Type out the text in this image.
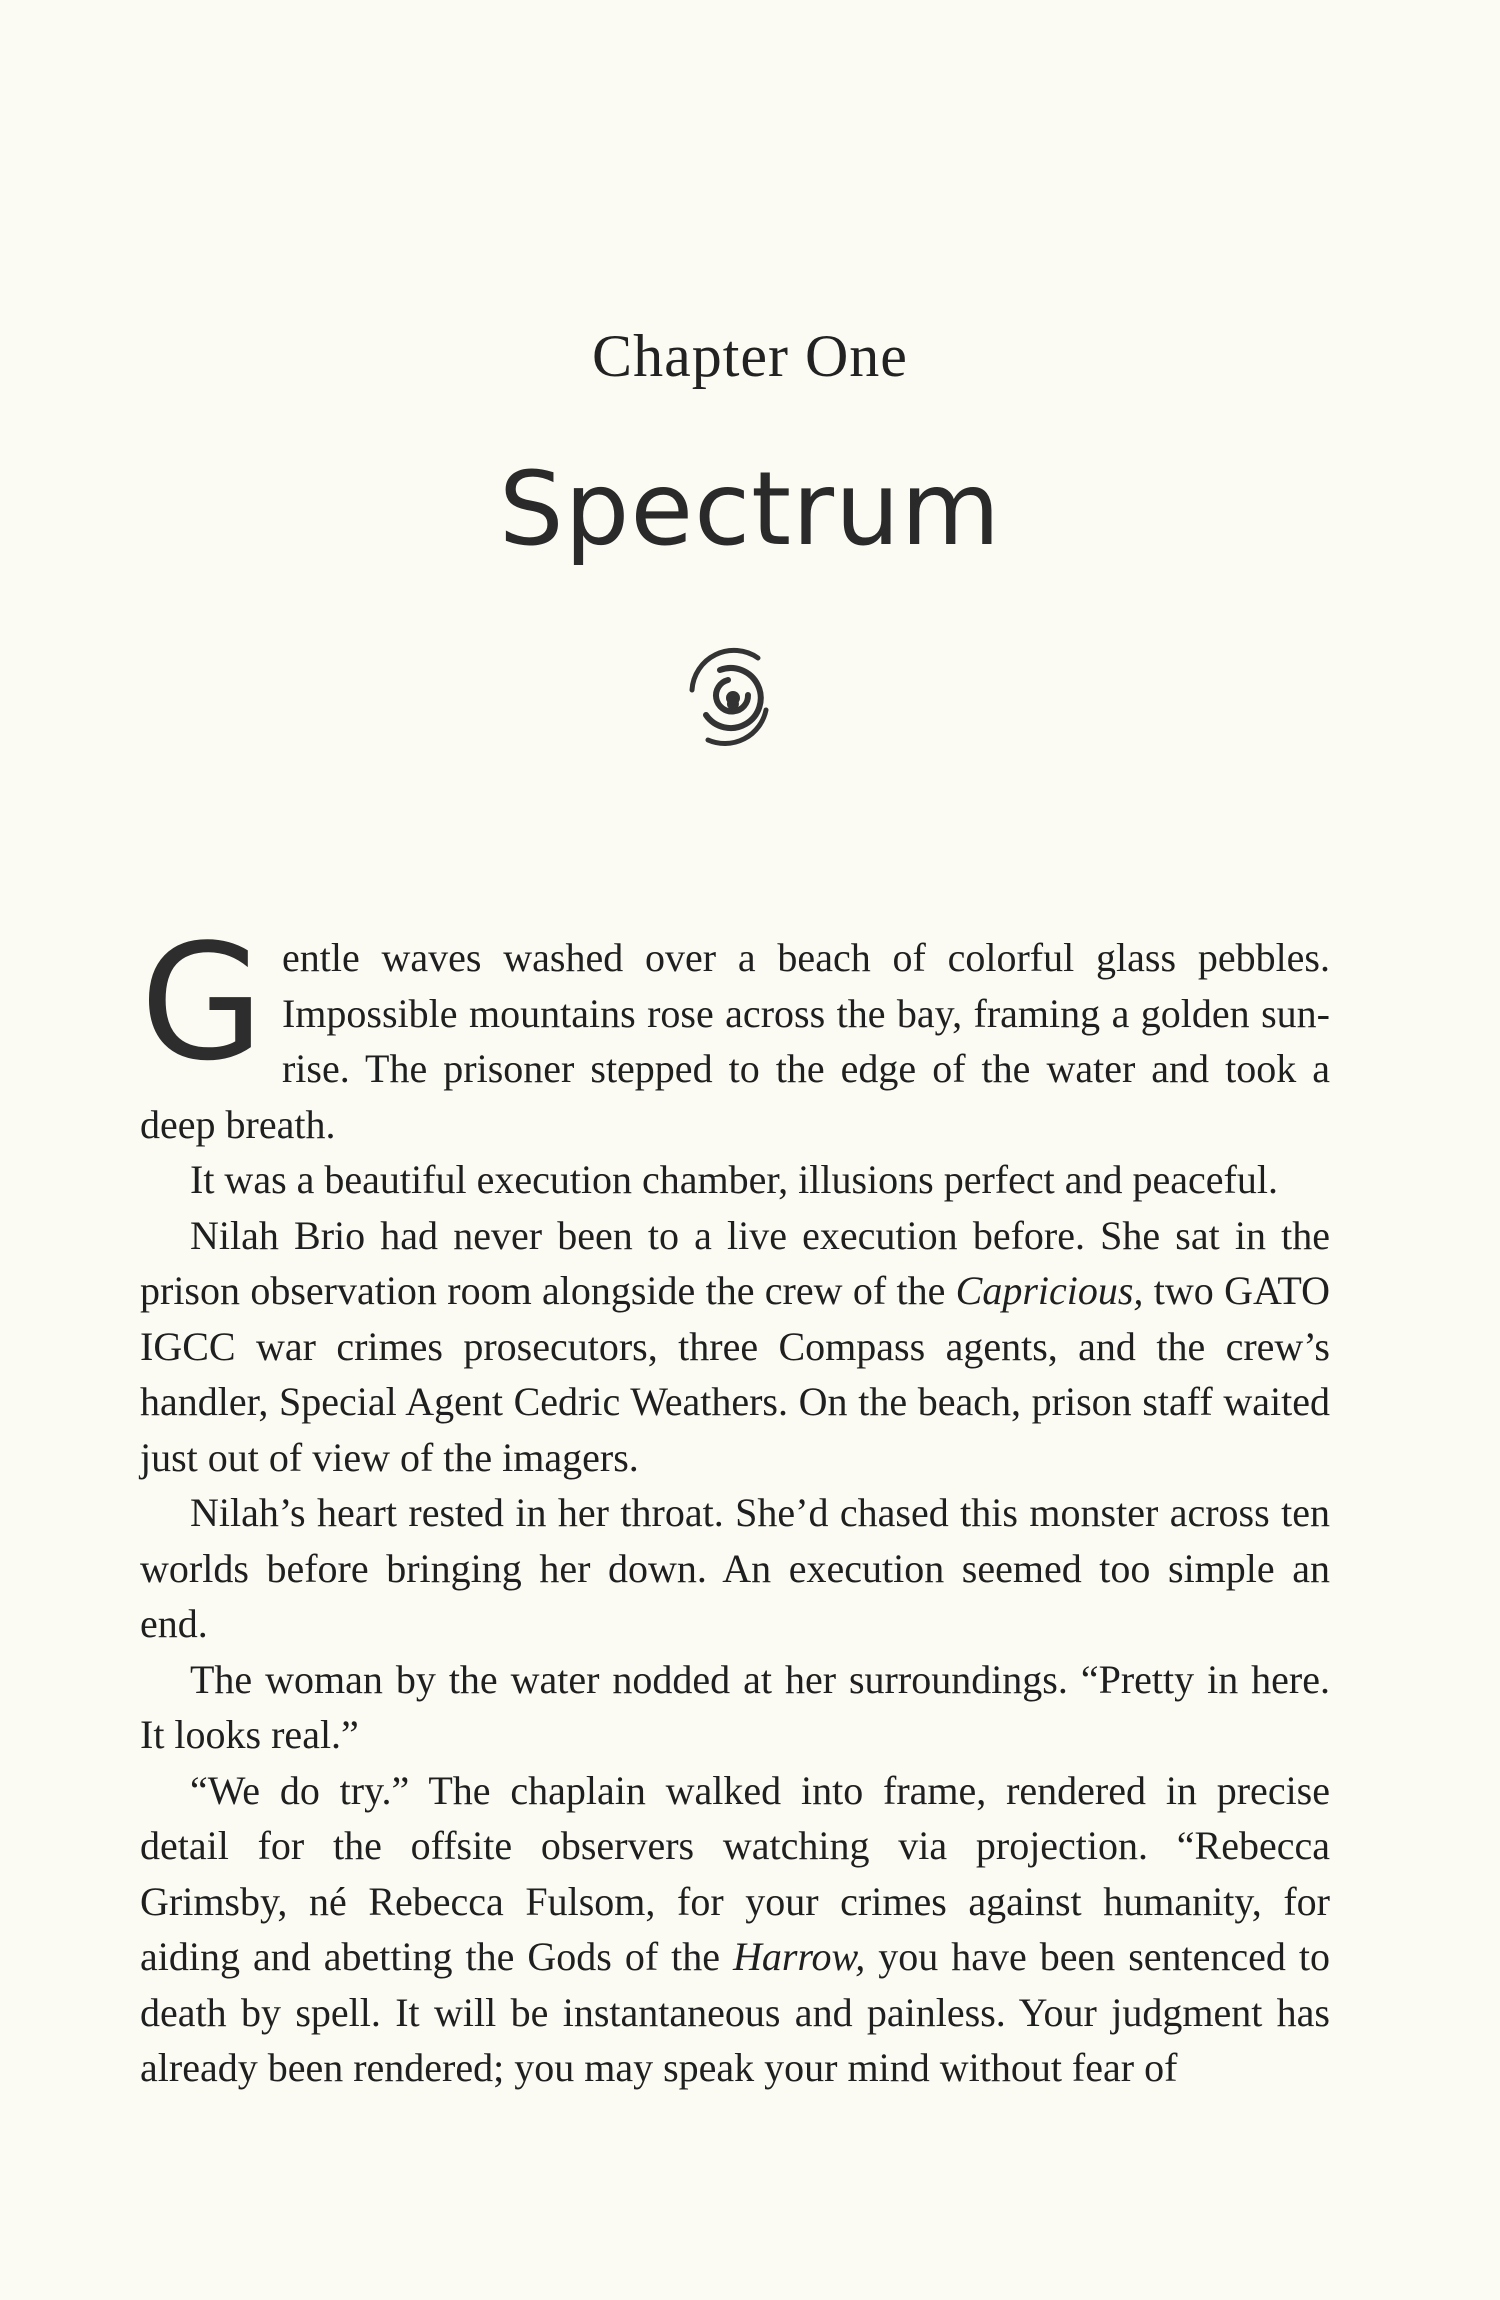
Chapter One
Spectrum

Gentle waves washed over a beach of colorful glass pebbles. Impossible mountains rose across the bay, framing a golden sunrise. The prisoner stepped to the edge of the water and took a deep breath.

It was a beautiful execution chamber, illusions perfect and peaceful.

Nilah Brio had never been to a live execution before. She sat in the prison observation room alongside the crew of the Capricious, two GATO IGCC war crimes prosecutors, three Compass agents, and the crew’s handler, Special Agent Cedric Weathers. On the beach, prison staff waited just out of view of the imagers.

Nilah’s heart rested in her throat. She’d chased this monster across ten worlds before bringing her down. An execution seemed too simple an end.

The woman by the water nodded at her surroundings. “Pretty in here. It looks real.”

“We do try.” The chaplain walked into frame, rendered in precise detail for the offsite observers watching via projection. “Rebecca Grimsby, né Rebecca Fulsom, for your crimes against humanity, for aiding and abetting the Gods of the Harrow, you have been sentenced to death by spell. It will be instantaneous and painless. Your judgment has already been rendered; you may speak your mind without fear of
